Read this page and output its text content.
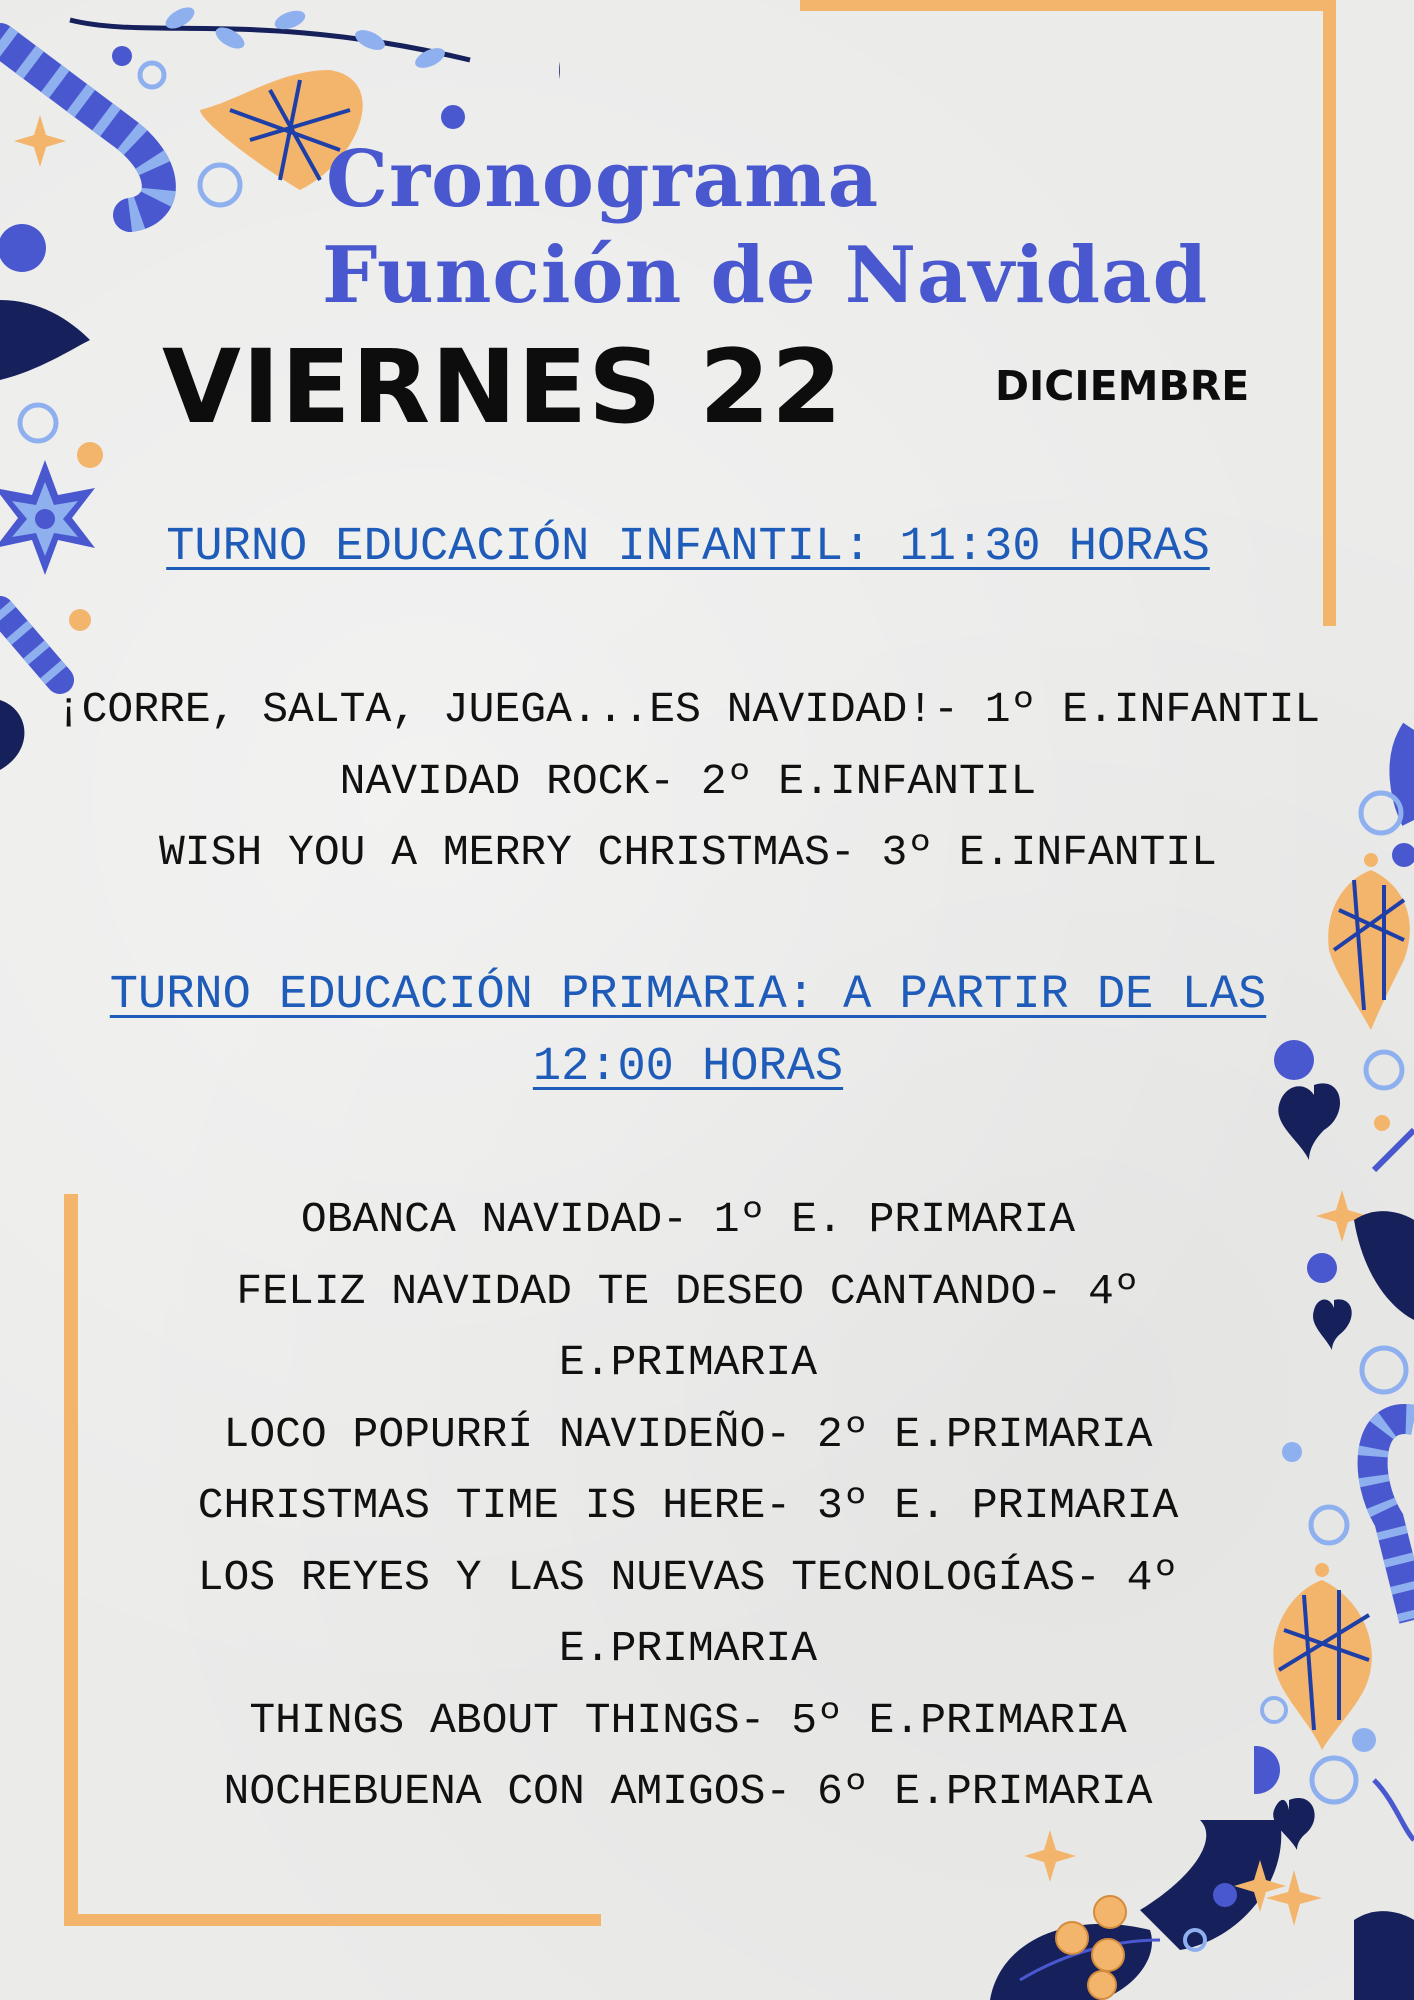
Cronograma
Función de Navidad
VIERNES 22	DICIEMBRE
TURNO EDUCACIÓN INFANTIL: 11:30 HORAS
¡CORRE, SALTA, JUEGA...ES NAVIDAD!- 1º E.INFANTIL
NAVIDAD ROCK- 2º E.INFANTIL
WISH YOU A MERRY CHRISTMAS- 3º E.INFANTIL
TURNO EDUCACIÓN PRIMARIA: A PARTIR DE LAS
12:00 HORAS
OBANCA NAVIDAD- 1º E. PRIMARIA
FELIZ NAVIDAD TE DESEO CANTANDO- 4º
E.PRIMARIA
LOCO POPURRÍ NAVIDEÑO- 2º E.PRIMARIA
CHRISTMAS TIME IS HERE- 3º E. PRIMARIA
LOS REYES Y LAS NUEVAS TECNOLOGÍAS- 4º
E.PRIMARIA
THINGS ABOUT THINGS- 5º E.PRIMARIA
NOCHEBUENA CON AMIGOS- 6º E.PRIMARIA
